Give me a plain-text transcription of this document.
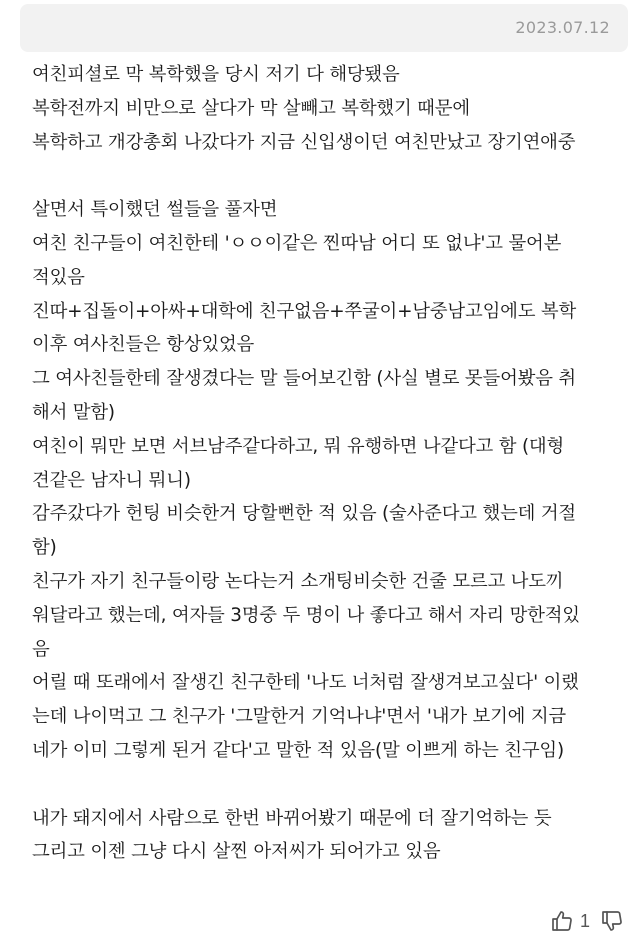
2023.07.12
여친피셜로 막 복학했을 당시 저기 다 해당됐음
복학전까지 비만으로 살다가 막 살빼고 복학했기 때문에
복학하고 개강총회 나갔다가 지금 신입생이던 여친만났고 장기연애중
살면서 특이했던 썰들을 풀자면
여친 친구들이 여친한테 'ㅇㅇ이같은 찐따남 어디 또 없냐'고 물어본
적있음
진따+집돌이+아싸+대학에 친구없음+쭈굴이+남중남고임에도 복학
이후 여사친들은 항상있었음
그 여사친들한테 잘생겼다는 말 들어보긴함 (사실 별로 못들어봤음 취
해서 말함)
여친이 뭐만 보면 서브남주같다하고, 뭐 유행하면 나같다고 함 (대형
견같은 남자니 뭐니)
감주갔다가 헌팅 비슷한거 당할뻔한 적 있음 (술사준다고 했는데 거절
함)
친구가 자기 친구들이랑 논다는거 소개팅비슷한 건줄 모르고 나도끼
워달라고 했는데, 여자들 3명중 두 명이 나 좋다고 해서 자리 망한적있
음
어릴 때 또래에서 잘생긴 친구한테 '나도 너처럼 잘생겨보고싶다' 이랬
는데 나이먹고 그 친구가 '그말한거 기억나냐'면서 '내가 보기에 지금
네가 이미 그렇게 된거 같다'고 말한 적 있음(말 이쁘게 하는 친구임)
내가 돼지에서 사람으로 한번 바뀌어봤기 때문에 더 잘기억하는 듯
그리고 이젠 그냥 다시 살찐 아저씨가 되어가고 있음
1
